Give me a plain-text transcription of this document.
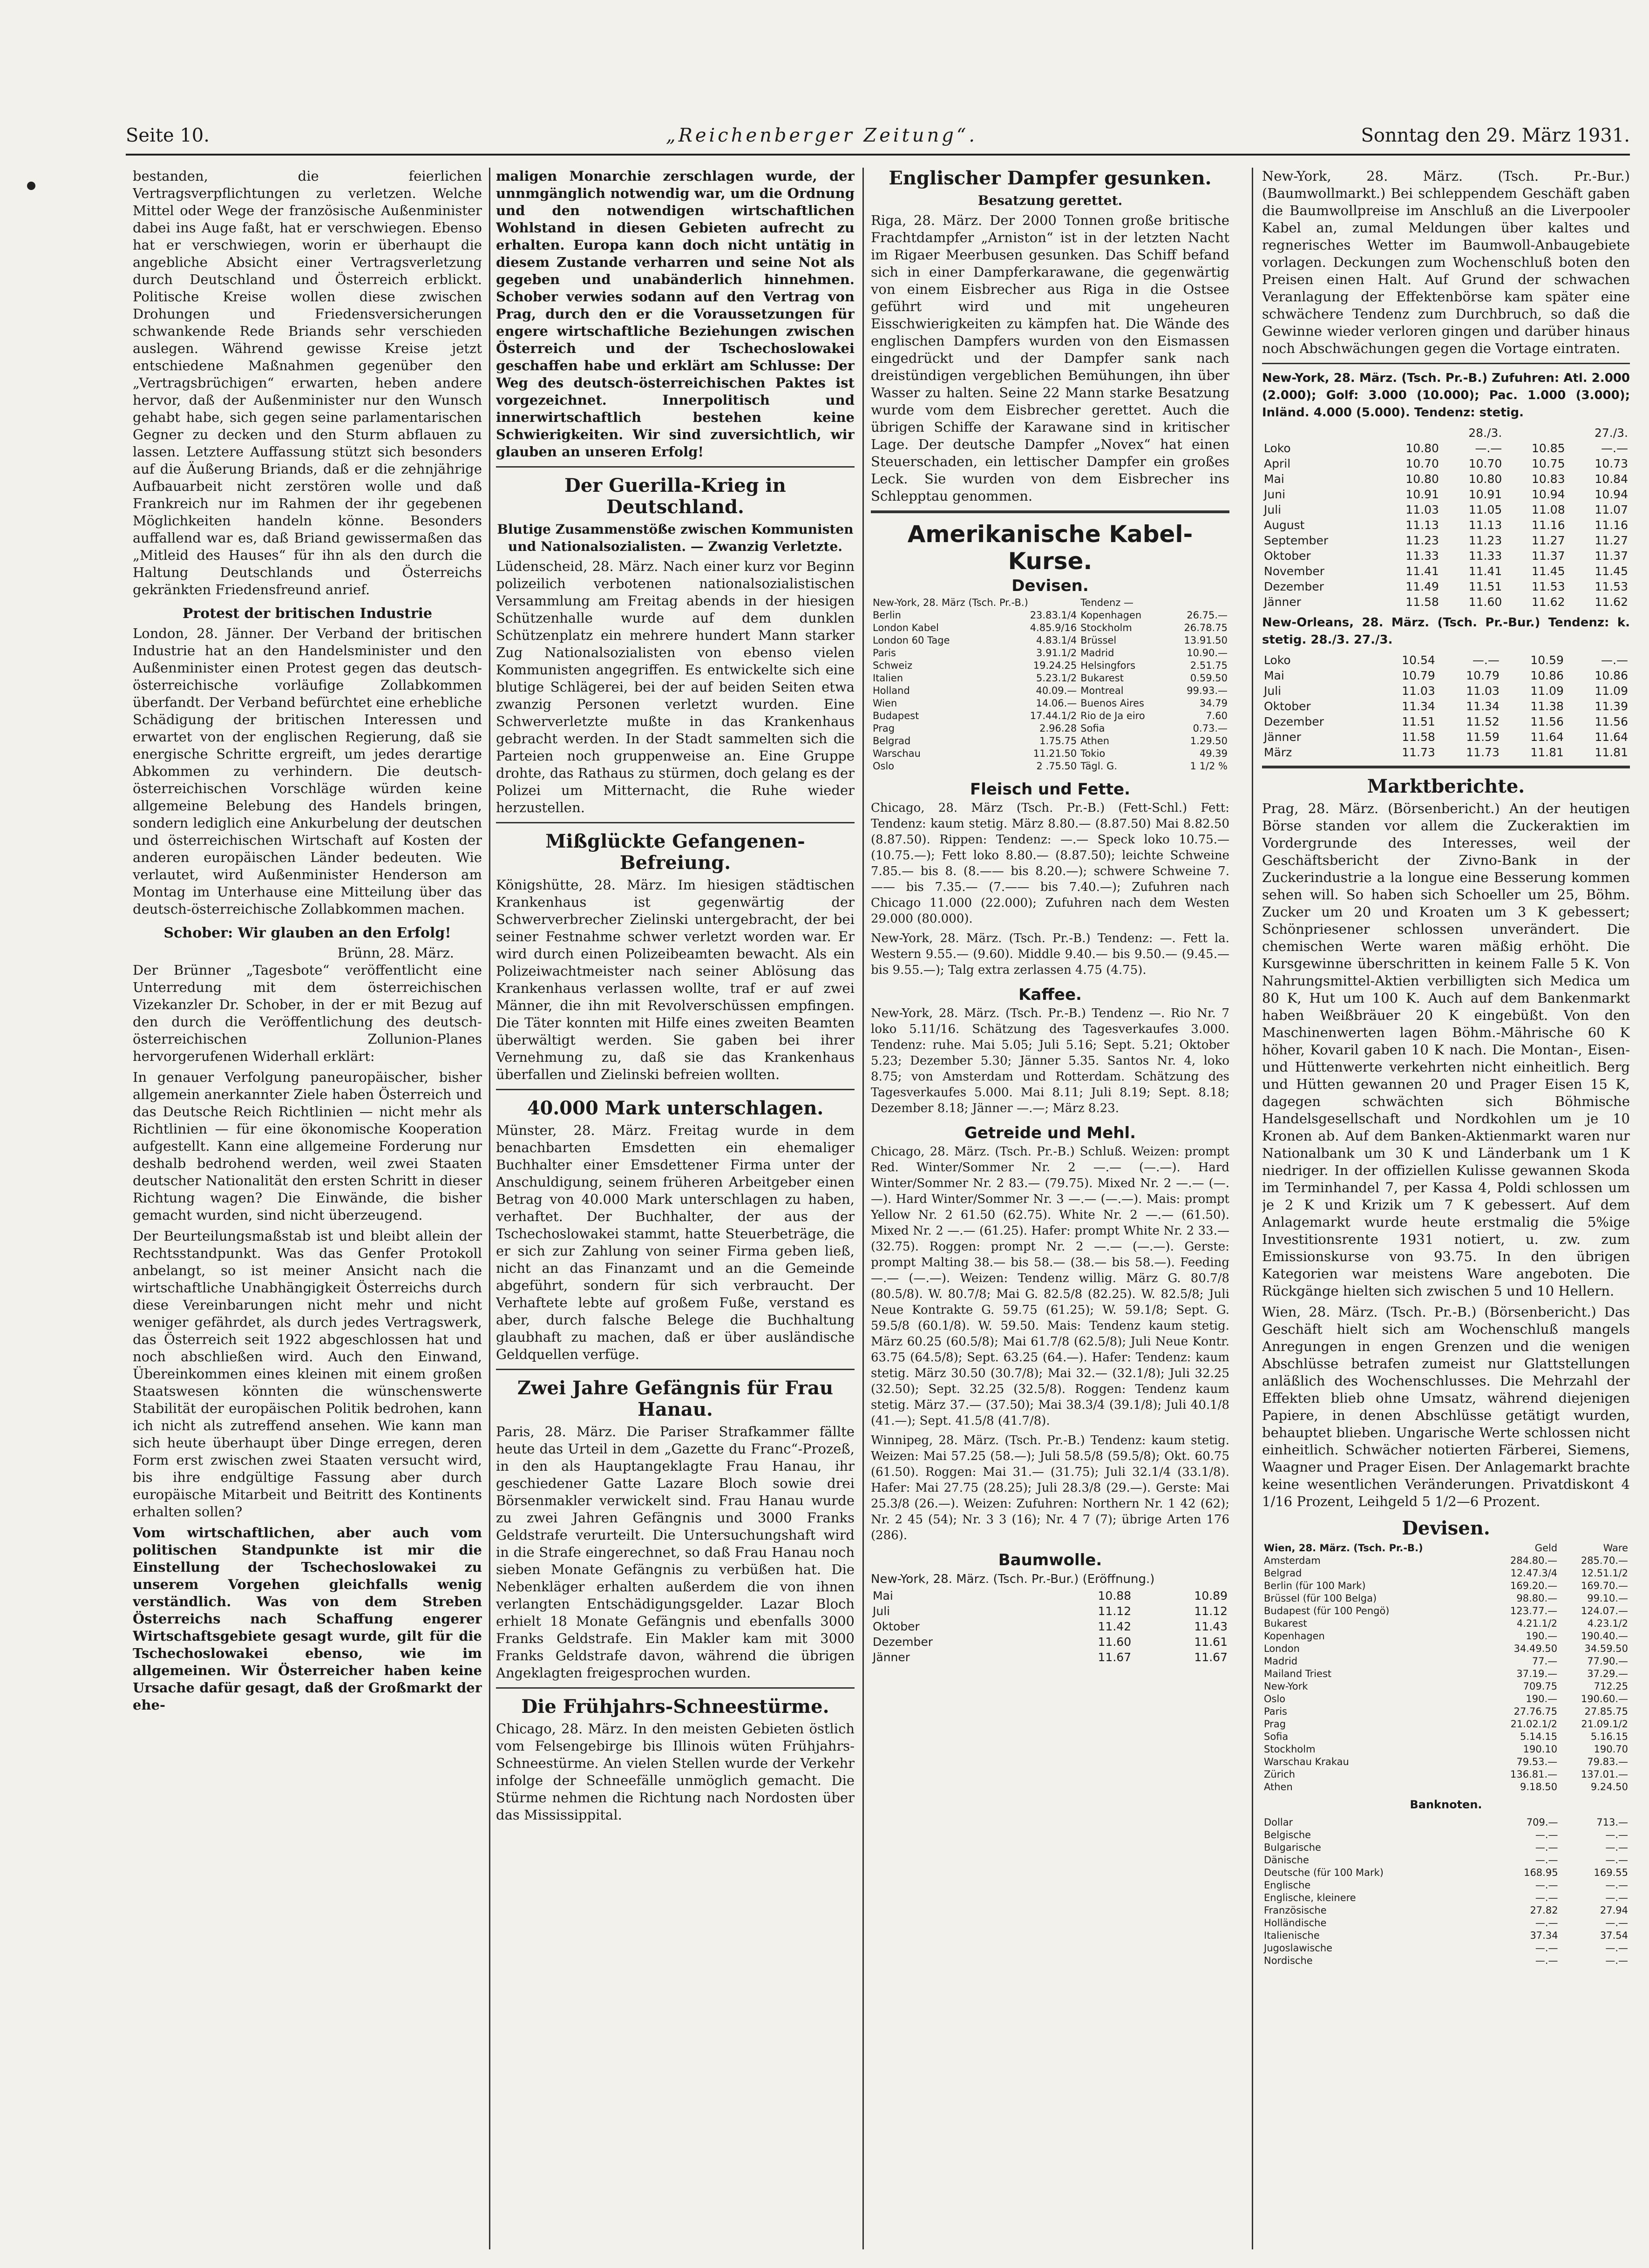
Seite 10.	„Reichenberger Zeitung“.	Sonntag den 29. März 1931.

bestanden, die feierlichen Vertragsverpflichtungen zu verletzen. Welche Mittel oder Wege der französische Außenminister dabei ins Auge faßt, hat er verschwiegen. Ebenso hat er verschwiegen, worin er überhaupt die angebliche Absicht einer Vertragsverletzung durch Deutschland und Österreich erblickt. Politische Kreise wollen diese zwischen Drohungen und Friedensversicherungen schwankende Rede Briands sehr verschieden auslegen. Während gewisse Kreise jetzt entschiedene Maßnahmen gegenüber den „Vertragsbrüchigen“ erwarten, heben andere hervor, daß der Außenminister nur den Wunsch gehabt habe, sich gegen seine parlamentarischen Gegner zu decken und den Sturm abflauen zu lassen. Letztere Auffassung stützt sich besonders auf die Äußerung Briands, daß er die zehnjährige Aufbauarbeit nicht zerstören wolle und daß Frankreich nur im Rahmen der ihr gegebenen Möglichkeiten handeln könne. Besonders auffallend war es, daß Briand gewissermaßen das „Mitleid des Hauses“ für ihn als den durch die Haltung Deutschlands und Österreichs gekränkten Friedensfreund anrief.

Protest der britischen Industrie

London, 28. Jänner. Der Verband der britischen Industrie hat an den Handelsminister und den Außenminister einen Protest gegen das deutsch-österreichische vorläufige Zollabkommen überfandt. Der Verband befürchtet eine erhebliche Schädigung der britischen Interessen und erwartet von der englischen Regierung, daß sie energische Schritte ergreift, um jedes derartige Abkommen zu verhindern. Die deutsch-österreichischen Vorschläge würden keine allgemeine Belebung des Handels bringen, sondern lediglich eine Ankurbelung der deutschen und österreichischen Wirtschaft auf Kosten der anderen europäischen Länder bedeuten. Wie verlautet, wird Außenminister Henderson am Montag im Unterhause eine Mitteilung über das deutsch-österreichische Zollabkommen machen.

Schober: Wir glauben an den Erfolg!
Brünn, 28. März.

Der Brünner „Tagesbote“ veröffentlicht eine Unterredung mit dem österreichischen Vizekanzler Dr. Schober, in der er mit Bezug auf den durch die Veröffentlichung des deutsch-österreichischen Zollunion-Planes hervorgerufenen Widerhall erklärt:

In genauer Verfolgung paneuropäischer, bisher allgemein anerkannter Ziele haben Österreich und das Deutsche Reich Richtlinien — nicht mehr als Richtlinien — für eine ökonomische Kooperation aufgestellt. Kann eine allgemeine Forderung nur deshalb bedrohend werden, weil zwei Staaten deutscher Nationalität den ersten Schritt in dieser Richtung wagen? Die Einwände, die bisher gemacht wurden, sind nicht überzeugend.

Der Beurteilungsmaßstab ist und bleibt allein der Rechtsstandpunkt. Was das Genfer Protokoll anbelangt, so ist meiner Ansicht nach die wirtschaftliche Unabhängigkeit Österreichs durch diese Vereinbarungen nicht mehr und nicht weniger gefährdet, als durch jedes Vertragswerk, das Österreich seit 1922 abgeschlossen hat und noch abschließen wird. Auch den Einwand, Übereinkommen eines kleinen mit einem großen Staatswesen könnten die wünschenswerte Stabilität der europäischen Politik bedrohen, kann ich nicht als zutreffend ansehen. Wie kann man sich heute überhaupt über Dinge erregen, deren Form erst zwischen zwei Staaten versucht wird, bis ihre endgültige Fassung aber durch europäische Mitarbeit und Beitritt des Kontinents erhalten sollen?

Vom wirtschaftlichen, aber auch vom politischen Standpunkte ist mir die Einstellung der Tschechoslowakei zu unserem Vorgehen gleichfalls wenig verständlich. Was von dem Streben Österreichs nach Schaffung engerer Wirtschaftsgebiete gesagt wurde, gilt für die Tschechoslowakei ebenso, wie im allgemeinen. Wir Österreicher haben keine Ursache dafür gesagt, daß der Großmarkt der ehe-

maligen Monarchie zerschlagen wurde, der unnmgänglich notwendig war, um die Ordnung und den notwendigen wirtschaftlichen Wohlstand in diesen Gebieten aufrecht zu erhalten. Europa kann doch nicht untätig in diesem Zustande verharren und seine Not als gegeben und unabänderlich hinnehmen. Schober verwies sodann auf den Vertrag von Prag, durch den er die Voraussetzungen für engere wirtschaftliche Beziehungen zwischen Österreich und der Tschechoslowakei geschaffen habe und erklärt am Schlusse: Der Weg des deutsch-österreichischen Paktes ist vorgezeichnet. Innerpolitisch und innerwirtschaftlich bestehen keine Schwierigkeiten. Wir sind zuversichtlich, wir glauben an unseren Erfolg!

Der Guerilla-Krieg in Deutschland.
Blutige Zusammenstöße zwischen Kommunisten und Nationalsozialisten. — Zwanzig Verletzte.

Lüdenscheid, 28. März. Nach einer kurz vor Beginn polizeilich verbotenen nationalsozialistischen Versammlung am Freitag abends in der hiesigen Schützenhalle wurde auf dem dunklen Schützenplatz ein mehrere hundert Mann starker Zug Nationalsozialisten von ebenso vielen Kommunisten angegriffen. Es entwickelte sich eine blutige Schlägerei, bei der auf beiden Seiten etwa zwanzig Personen verletzt wurden. Eine Schwerverletzte mußte in das Krankenhaus gebracht werden. In der Stadt sammelten sich die Parteien noch gruppenweise an. Eine Gruppe drohte, das Rathaus zu stürmen, doch gelang es der Polizei um Mitternacht, die Ruhe wieder herzustellen.

Mißglückte Gefangenen-Befreiung.

Königshütte, 28. März. Im hiesigen städtischen Krankenhaus ist gegenwärtig der Schwerverbrecher Zielinski untergebracht, der bei seiner Festnahme schwer verletzt worden war. Er wird durch einen Polizeibeamten bewacht. Als ein Polizeiwachtmeister nach seiner Ablösung das Krankenhaus verlassen wollte, traf er auf zwei Männer, die ihn mit Revolverschüssen empfingen. Die Täter konnten mit Hilfe eines zweiten Beamten überwältigt werden. Sie gaben bei ihrer Vernehmung zu, daß sie das Krankenhaus überfallen und Zielinski befreien wollten.

40.000 Mark unterschlagen.

Münster, 28. März. Freitag wurde in dem benachbarten Emsdetten ein ehemaliger Buchhalter einer Emsdettener Firma unter der Anschuldigung, seinem früheren Arbeitgeber einen Betrag von 40.000 Mark unterschlagen zu haben, verhaftet. Der Buchhalter, der aus der Tschechoslowakei stammt, hatte Steuerbeträge, die er sich zur Zahlung von seiner Firma geben ließ, nicht an das Finanzamt und an die Gemeinde abgeführt, sondern für sich verbraucht. Der Verhaftete lebte auf großem Fuße, verstand es aber, durch falsche Belege die Buchhaltung glaubhaft zu machen, daß er über ausländische Geldquellen verfüge.

Zwei Jahre Gefängnis für Frau Hanau.

Paris, 28. März. Die Pariser Strafkammer fällte heute das Urteil in dem „Gazette du Franc“-Prozeß, in den als Hauptangeklagte Frau Hanau, ihr geschiedener Gatte Lazare Bloch sowie drei Börsenmakler verwickelt sind. Frau Hanau wurde zu zwei Jahren Gefängnis und 3000 Franks Geldstrafe verurteilt. Die Untersuchungshaft wird in die Strafe eingerechnet, so daß Frau Hanau noch sieben Monate Gefängnis zu verbüßen hat. Die Nebenkläger erhalten außerdem die von ihnen verlangten Entschädigungsgelder. Lazar Bloch erhielt 18 Monate Gefängnis und ebenfalls 3000 Franks Geldstrafe. Ein Makler kam mit 3000 Franks Geldstrafe davon, während die übrigen Angeklagten freigesprochen wurden.

Die Frühjahrs-Schneestürme.

Chicago, 28. März. In den meisten Gebieten östlich vom Felsengebirge bis Illinois wüten Frühjahrs-Schneestürme. An vielen Stellen wurde der Verkehr infolge der Schneefälle unmöglich gemacht. Die Stürme nehmen die Richtung nach Nordosten über das Mississippital.

Englischer Dampfer gesunken.
Besatzung gerettet.

Riga, 28. März. Der 2000 Tonnen große britische Frachtdampfer „Arniston“ ist in der letzten Nacht im Rigaer Meerbusen gesunken. Das Schiff befand sich in einer Dampferkarawane, die gegenwärtig von einem Eisbrecher aus Riga in die Ostsee geführt wird und mit ungeheuren Eisschwierigkeiten zu kämpfen hat. Die Wände des englischen Dampfers wurden von den Eismassen eingedrückt und der Dampfer sank nach dreistündigen vergeblichen Bemühungen, ihn über Wasser zu halten. Seine 22 Mann starke Besatzung wurde vom dem Eisbrecher gerettet. Auch die übrigen Schiffe der Karawane sind in kritischer Lage. Der deutsche Dampfer „Novex“ hat einen Steuerschaden, ein lettischer Dampfer ein großes Leck. Sie wurden von dem Eisbrecher ins Schlepptau genommen.

Amerikanische Kabel-Kurse.
Devisen.
New-York, 28. März (Tsch. Pr.-B.)		Tendenz —	
Berlin	23.83.1/4	Kopenhagen	26.75.—
London Kabel	4.85.9/16	Stockholm	26.78.75
London 60 Tage	4.83.1/4	Brüssel	13.91.50
Paris	3.91.1/2	Madrid	10.90.—
Schweiz	19.24.25	Helsingfors	2.51.75
Italien	5.23.1/2	Bukarest	0.59.50
Holland	40.09.—	Montreal	99.93.—
Wien	14.06.—	Buenos Aires	34.79
Budapest	17.44.1/2	Rio de Ja eiro	7.60
Prag	2.96.28	Sofia	0.73.—
Belgrad	1.75.75	Athen	1.29.50
Warschau	11.21.50	Tokio	49.39
Oslo	2 .75.50	Tägl. G.	1 1/2 %
Fleisch und Fette.

Chicago, 28. März (Tsch. Pr.-B.) (Fett-Schl.) Fett: Tendenz: kaum stetig. März 8.80.— (8.87.50) Mai 8.82.50 (8.87.50). Rippen: Tendenz: —.— Speck loko 10.75.— (10.75.—); Fett loko 8.80.— (8.87.50); leichte Schweine 7.85.— bis 8. (8.—— bis 8.20.—); schwere Schweine 7.—— bis 7.35.— (7.—— bis 7.40.—); Zufuhren nach Chicago 11.000 (22.000); Zufuhren nach dem Westen 29.000 (80.000).

New-York, 28. März. (Tsch. Pr.-B.) Tendenz: —. Fett la. Western 9.55.— (9.60). Middle 9.40.— bis 9.50.— (9.45.— bis 9.55.—); Talg extra zerlassen 4.75 (4.75).

Kaffee.

New-York, 28. März. (Tsch. Pr.-B.) Tendenz —. Rio Nr. 7 loko 5.11/16. Schätzung des Tagesverkaufes 3.000. Tendenz: ruhe. Mai 5.05; Juli 5.16; Sept. 5.21; Oktober 5.23; Dezember 5.30; Jänner 5.35. Santos Nr. 4, loko 8.75; von Amsterdam und Rotterdam. Schätzung des Tagesverkaufes 5.000. Mai 8.11; Juli 8.19; Sept. 8.18; Dezember 8.18; Jänner —.—; März 8.23.

Getreide und Mehl.

Chicago, 28. März. (Tsch. Pr.-B.) Schluß. Weizen: prompt Red. Winter/Sommer Nr. 2 —.— (—.—). Hard Winter/Sommer Nr. 2 83.— (79.75). Mixed Nr. 2 —.— (—.—). Hard Winter/Sommer Nr. 3 —.— (—.—). Mais: prompt Yellow Nr. 2 61.50 (62.75). White Nr. 2 —.— (61.50). Mixed Nr. 2 —.— (61.25). Hafer: prompt White Nr. 2 33.— (32.75). Roggen: prompt Nr. 2 —.— (—.—). Gerste: prompt Malting 38.— bis 58.— (38.— bis 58.—). Feeding —.— (—.—). Weizen: Tendenz willig. März G. 80.7/8 (80.5/8). W. 80.7/8; Mai G. 82.5/8 (82.25). W. 82.5/8; Juli Neue Kontrakte G. 59.75 (61.25); W. 59.1/8; Sept. G. 59.5/8 (60.1/8). W. 59.50. Mais: Tendenz kaum stetig. März 60.25 (60.5/8); Mai 61.7/8 (62.5/8); Juli Neue Kontr. 63.75 (64.5/8); Sept. 63.25 (64.—). Hafer: Tendenz: kaum stetig. März 30.50 (30.7/8); Mai 32.— (32.1/8); Juli 32.25 (32.50); Sept. 32.25 (32.5/8). Roggen: Tendenz kaum stetig. März 37.— (37.50); Mai 38.3/4 (39.1/8); Juli 40.1/8 (41.—); Sept. 41.5/8 (41.7/8).

Winnipeg, 28. März. (Tsch. Pr.-B.) Tendenz: kaum stetig. Weizen: Mai 57.25 (58.—); Juli 58.5/8 (59.5/8); Okt. 60.75 (61.50). Roggen: Mai 31.— (31.75); Juli 32.1/4 (33.1/8). Hafer: Mai 27.75 (28.25); Juli 28.3/8 (29.—). Gerste: Mai 25.3/8 (26.—). Weizen: Zufuhren: Northern Nr. 1 42 (62); Nr. 2 45 (54); Nr. 3 3 (16); Nr. 4 7 (7); übrige Arten 176 (286).

Baumwolle.
New-York, 28. März. (Tsch. Pr.-Bur.) (Eröffnung.)
Mai	10.88	10.89
Juli	11.12	11.12
Oktober	11.42	11.43
Dezember	11.60	11.61
Jänner	11.67	11.67

New-York, 28. März. (Tsch. Pr.-Bur.) (Baumwollmarkt.) Bei schleppendem Geschäft gaben die Baumwollpreise im Anschluß an die Liverpooler Kabel an, zumal Meldungen über kaltes und regnerisches Wetter im Baumwoll-Anbaugebiete vorlagen. Deckungen zum Wochenschluß boten den Preisen einen Halt. Auf Grund der schwachen Veranlagung der Effektenbörse kam später eine schwächere Tendenz zum Durchbruch, so daß die Gewinne wieder verloren gingen und darüber hinaus noch Abschwächungen gegen die Vortage eintraten.

New-York, 28. März. (Tsch. Pr.-B.) Zufuhren: Atl. 2.000 (2.000); Golf: 3.000 (10.000); Pac. 1.000 (3.000); Inländ. 4.000 (5.000). Tendenz: stetig.

	28./3.		27./3.	
Loko	10.80	—.—	10.85	—.—
April	10.70	10.70	10.75	10.73
Mai	10.80	10.80	10.83	10.84
Juni	10.91	10.91	10.94	10.94
Juli	11.03	11.05	11.08	11.07
August	11.13	11.13	11.16	11.16
September	11.23	11.23	11.27	11.27
Oktober	11.33	11.33	11.37	11.37
November	11.41	11.41	11.45	11.45
Dezember	11.49	11.51	11.53	11.53
Jänner	11.58	11.60	11.62	11.62

New-Orleans, 28. März. (Tsch. Pr.-Bur.) Tendenz: k. stetig. 28./3. 27./3.

Loko	10.54	—.—	10.59	—.—
Mai	10.79	10.79	10.86	10.86
Juli	11.03	11.03	11.09	11.09
Oktober	11.34	11.34	11.38	11.39
Dezember	11.51	11.52	11.56	11.56
Jänner	11.58	11.59	11.64	11.64
März	11.73	11.73	11.81	11.81
Marktberichte.

Prag, 28. März. (Börsenbericht.) An der heutigen Börse standen vor allem die Zuckeraktien im Vordergrunde des Interesses, weil der Geschäftsbericht der Zivno-Bank in der Zuckerindustrie a la longue eine Besserung kommen sehen will. So haben sich Schoeller um 25, Böhm. Zucker um 20 und Kroaten um 3 K gebessert; Schönpriesener schlossen unverändert. Die chemischen Werte waren mäßig erhöht. Die Kursgewinne überschritten in keinem Falle 5 K. Von Nahrungsmittel-Aktien verbilligten sich Medica um 80 K, Hut um 100 K. Auch auf dem Bankenmarkt haben Weißbräuer 20 K eingebüßt. Von den Maschinenwerten lagen Böhm.-Mährische 60 K höher, Kovaril gaben 10 K nach. Die Montan-, Eisen- und Hüttenwerte verkehrten nicht einheitlich. Berg und Hütten gewannen 20 und Prager Eisen 15 K, dagegen schwächten sich Böhmische Handelsgesellschaft und Nordkohlen um je 10 Kronen ab. Auf dem Banken-Aktienmarkt waren nur Nationalbank um 30 K und Länderbank um 1 K niedriger. In der offiziellen Kulisse gewannen Skoda im Terminhandel 7, per Kassa 4, Poldi schlossen um je 2 K und Krizik um 7 K gebessert. Auf dem Anlagemarkt wurde heute erstmalig die 5%ige Investitionsrente 1931 notiert, u. zw. zum Emissionskurse von 93.75. In den übrigen Kategorien war meistens Ware angeboten. Die Rückgänge hielten sich zwischen 5 und 10 Hellern.

Wien, 28. März. (Tsch. Pr.-B.) (Börsenbericht.) Das Geschäft hielt sich am Wochenschluß mangels Anregungen in engen Grenzen und die wenigen Abschlüsse betrafen zumeist nur Glattstellungen anläßlich des Wochenschlusses. Die Mehrzahl der Effekten blieb ohne Umsatz, während diejenigen Papiere, in denen Abschlüsse getätigt wurden, behauptet blieben. Ungarische Werte schlossen nicht einheitlich. Schwächer notierten Färberei, Siemens, Waagner und Prager Eisen. Der Anlagemarkt brachte keine wesentlichen Veränderungen. Privatdiskont 4 1/16 Prozent, Leihgeld 5 1/2—6 Prozent.

Devisen.
Wien, 28. März. (Tsch. Pr.-B.)	Geld	Ware
Amsterdam	284.80.—	285.70.—
Belgrad	12.47.3/4	12.51.1/2
Berlin (für 100 Mark)	169.20.—	169.70.—
Brüssel (für 100 Belga)	98.80.—	99.10.—
Budapest (für 100 Pengö)	123.77.—	124.07.—
Bukarest	4.21.1/2	4.23.1/2
Kopenhagen	190.—	190.40.—
London	34.49.50	34.59.50
Madrid	77.—	77.90.—
Mailand Triest	37.19.—	37.29.—
New-York	709.75	712.25
Oslo	190.—	190.60.—
Paris	27.76.75	27.85.75
Prag	21.02.1/2	21.09.1/2
Sofia	5.14.15	5.16.15
Stockholm	190.10	190.70
Warschau Krakau	79.53.—	79.83.—
Zürich	136.81.—	137.01.—
Athen	9.18.50	9.24.50
Banknoten.
Dollar	709.—	713.—
Belgische	—.—	—.—
Bulgarische	—.—	—.—
Dänische	—.—	—.—
Deutsche (für 100 Mark)	168.95	169.55
Englische	—.—	—.—
Englische, kleinere	—.—	—.—
Französische	27.82	27.94
Holländische	—.—	—.—
Italienische	37.34	37.54
Jugoslawische	—.—	—.—
Nordische	—.—	—.—
